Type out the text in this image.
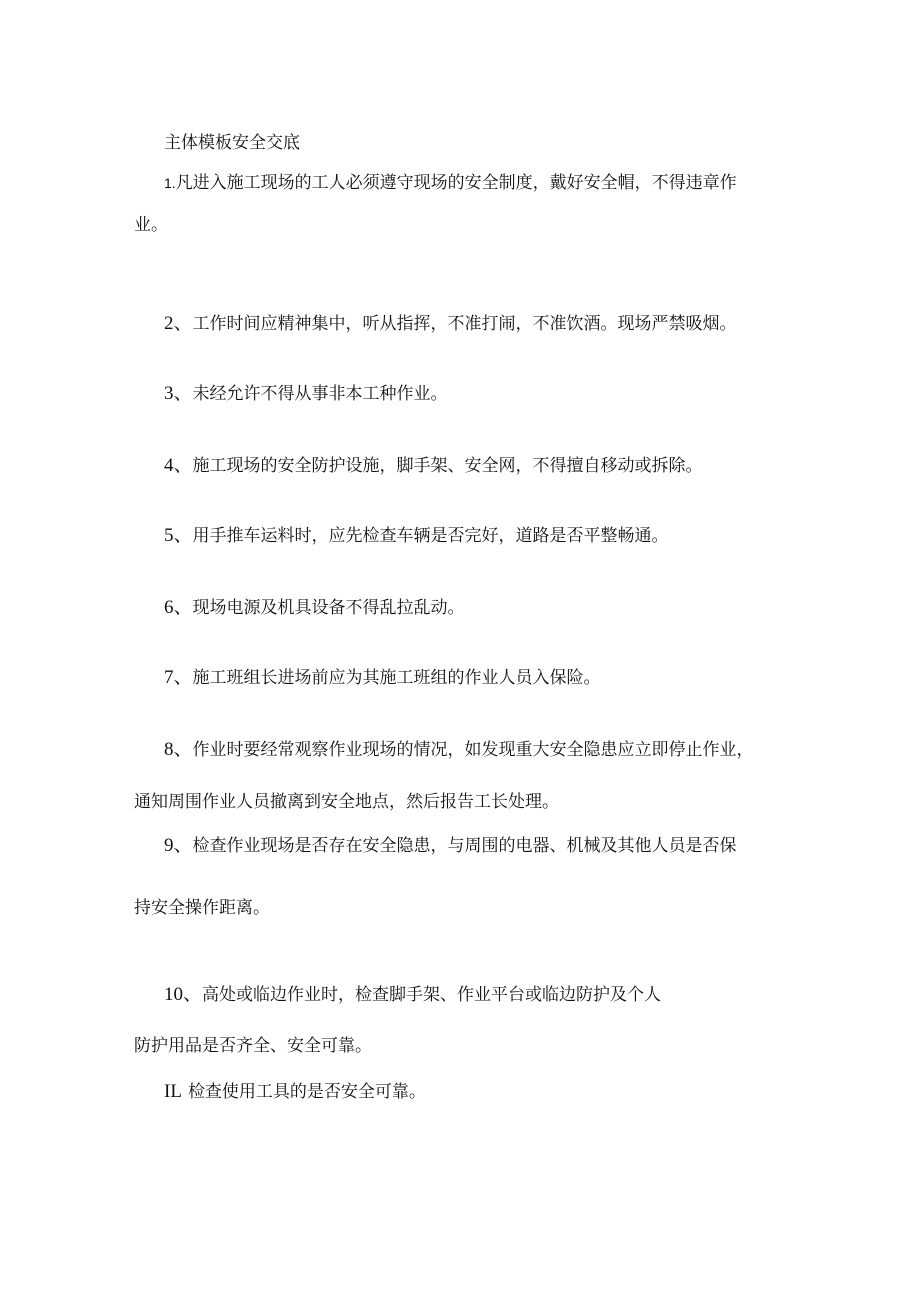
主体模板安全交底
1.凡进入施工现场的工人必须遵守现场的安全制度，戴好安全帽，不得违章作
业。
2、工作时间应精神集中，听从指挥，不准打闹，不准饮酒。现场严禁吸烟。
3、未经允许不得从事非本工种作业。
4、施工现场的安全防护设施，脚手架、安全网，不得擅自移动或拆除。
5、用手推车运料时，应先检查车辆是否完好，道路是否平整畅通。
6、现场电源及机具设备不得乱拉乱动。
7、施工班组长进场前应为其施工班组的作业人员入保险。
8、作业时要经常观察作业现场的情况，如发现重大安全隐患应立即停止作业，
通知周围作业人员撤离到安全地点，然后报告工长处理。
9、检查作业现场是否存在安全隐患，与周围的电器、机械及其他人员是否保
持安全操作距离。
10、高处或临边作业时，检查脚手架、作业平台或临边防护及个人
防护用品是否齐全、安全可靠。
IL 检查使用工具的是否安全可靠。
